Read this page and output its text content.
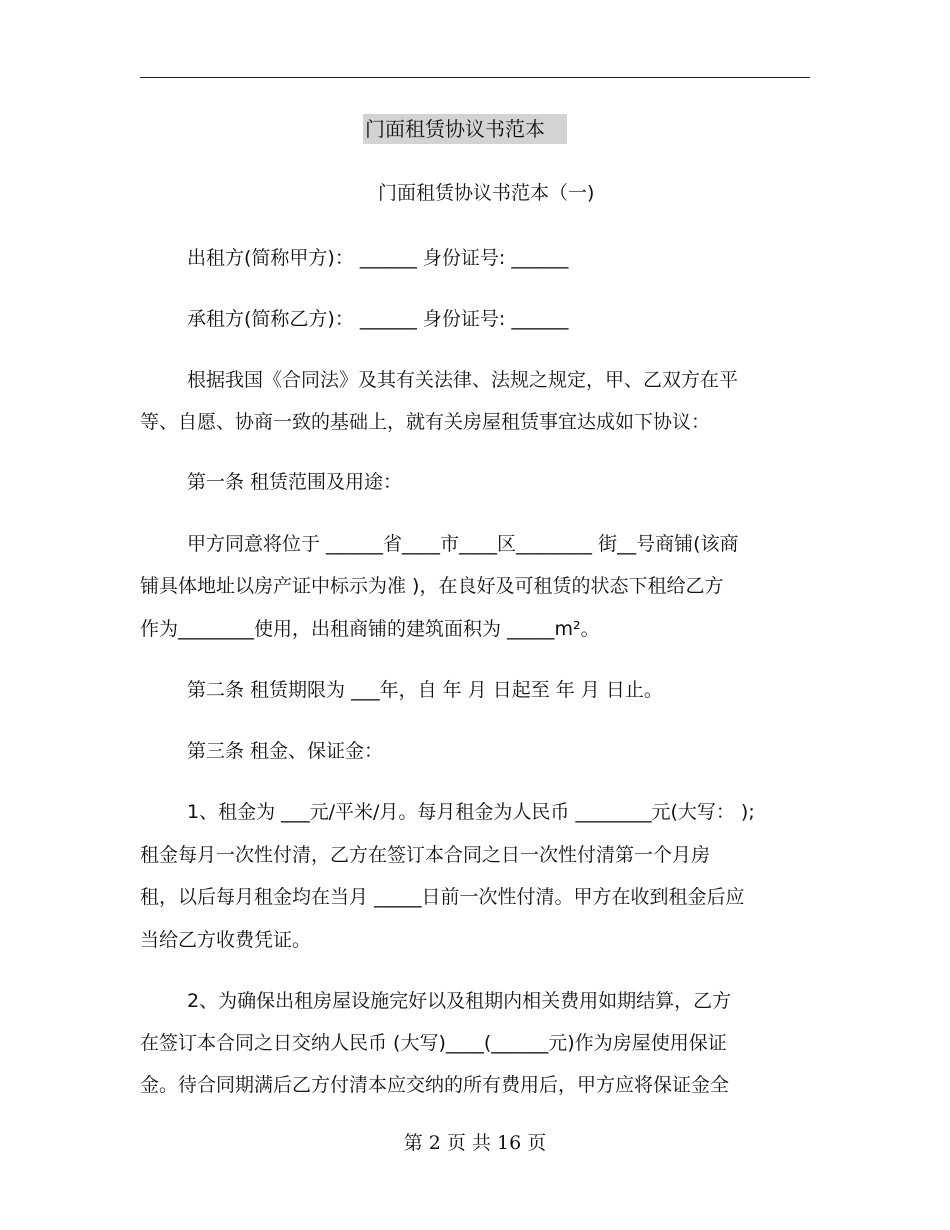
门面租赁协议书范本
门面租赁协议书范本（一)
出租方(简称甲方)： ______ 身份证号: ______
承租方(简称乙方)： ______ 身份证号: ______
根据我国《合同法》及其有关法律、法规之规定，甲、乙双方在平
等、自愿、协商一致的基础上，就有关房屋租赁事宜达成如下协议：
第一条 租赁范围及用途：
甲方同意将位于 ______省____市____区________ 街__号商铺(该商
铺具体地址以房产证中标示为准 )，在良好及可租赁的状态下租给乙方
作为________使用，出租商铺的建筑面积为 _____m²。
第二条 租赁期限为 ___年，自 年 月 日起至 年 月 日止。
第三条 租金、保证金：
1、租金为 ___元/平米/月。每月租金为人民币 ________元(大写： );
租金每月一次性付清，乙方在签订本合同之日一次性付清第一个月房
租，以后每月租金均在当月 _____日前一次性付清。甲方在收到租金后应
当给乙方收费凭证。
2、为确保出租房屋设施完好以及租期内相关费用如期结算，乙方
在签订本合同之日交纳人民币 (大写)____(______元)作为房屋使用保证
金。待合同期满后乙方付清本应交纳的所有费用后，甲方应将保证金全
第 2 页 共 16 页
